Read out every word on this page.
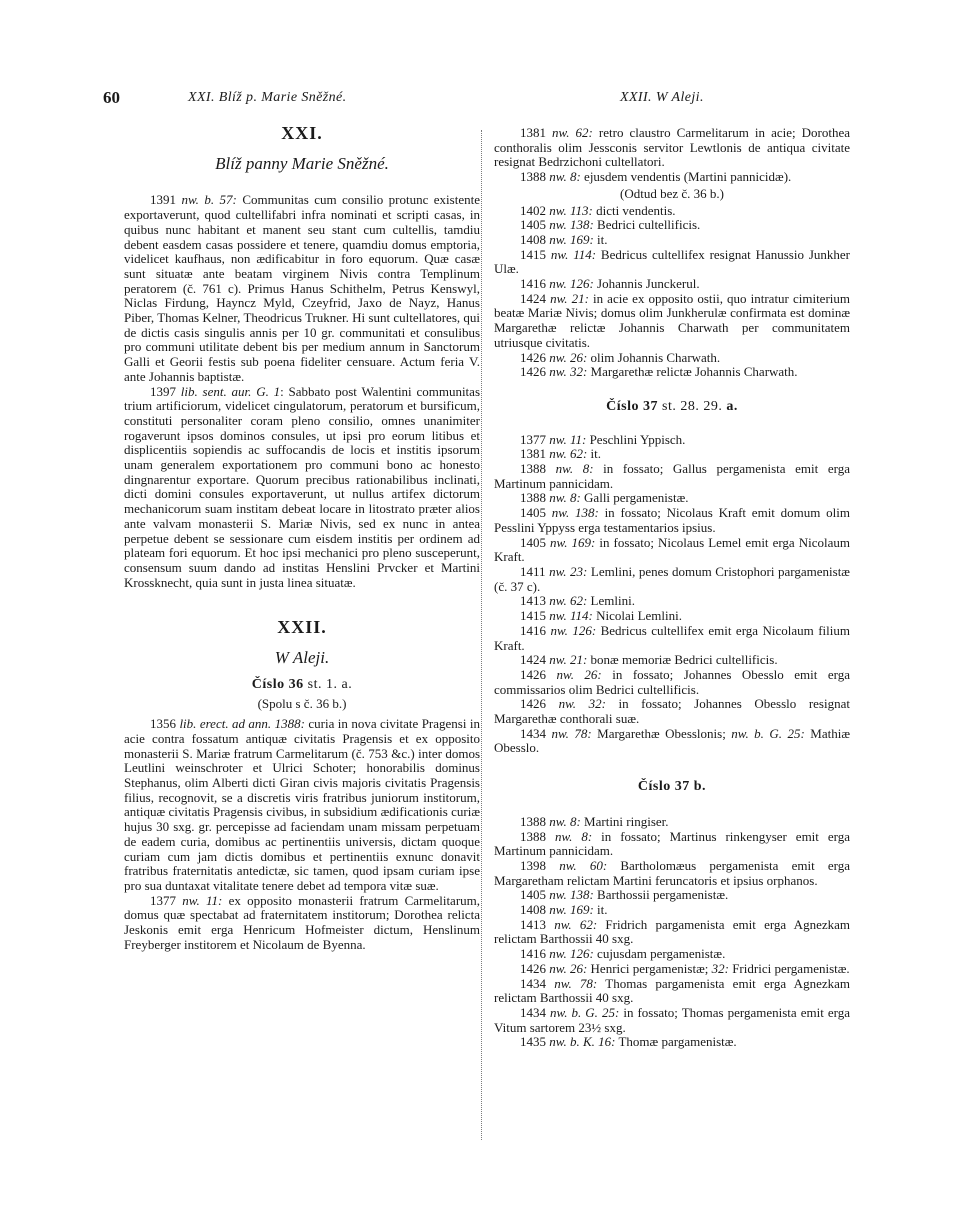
60	XXI. Blíž p. Marie Sněžné.	XXII. W Aleji.
XXI.
Blíž panny Marie Sněžné.

1391 nw. b. 57: Communitas cum consilio protunc existente exportaverunt, quod cultellifabri infra nominati et scripti casas, in quibus nunc habitant et manent seu stant cum cultellis, tamdiu debent easdem casas possidere et tenere, quamdiu domus emptoria, videlicet kaufhaus, non ædificabitur in foro equorum. Quæ casæ sunt situatæ ante beatam virginem Nivis contra Templinum peratorem (č. 761 c). Primus Hanus Schithelm, Petrus Kenswyl, Niclas Firdung, Hayncz Myld, Czeyfrid, Jaxo de Nayz, Hanus Piber, Thomas Kelner, Theodricus Trukner. Hi sunt cultellatores, qui de dictis casis singulis annis per 10 gr. communitati et consulibus pro communi utilitate debent bis per medium annum in Sanctorum Galli et Georii festis sub poena fideliter censuare. Actum feria V. ante Johannis baptistæ.

1397 lib. sent. aur. G. 1: Sabbato post Walentini communitas trium artificiorum, videlicet cingulatorum, peratorum et bursificum, constituti personaliter coram pleno consilio, omnes unanimiter rogaverunt ipsos dominos consules, ut ipsi pro eorum litibus et displicentiis sopiendis ac suffocandis de locis et institis ipsorum unam generalem exportationem pro communi bono ac honesto dingnarentur exportare. Quorum precibus rationabilibus inclinati, dicti domini consules exportaverunt, ut nullus artifex dictorum mechanicorum suam institam debeat locare in litostrato præter alios ante valvam monasterii S. Mariæ Nivis, sed ex nunc in antea perpetue debent se sessionare cum eisdem institis per ordinem ad plateam fori equorum. Et hoc ipsi mechanici pro pleno susceperunt, consensum suum dando ad institas Henslini Prvcker et Martini Krossknecht, quia sunt in justa linea situatæ.

XXII.
W Aleji.
Číslo 36 st. 1. a.
(Spolu s č. 36 b.)

1356 lib. erect. ad ann. 1388: curia in nova civitate Pragensi in acie contra fossatum antiquæ civitatis Pragensis et ex opposito monasterii S. Mariæ fratrum Carmelitarum (č. 753 &c.) inter domos Leutlini weinschroter et Ulrici Schoter; honorabilis dominus Stephanus, olim Alberti dicti Giran civis majoris civitatis Pragensis filius, recognovit, se a discretis viris fratribus juniorum institorum, antiquæ civitatis Pragensis civibus, in subsidium ædificationis curiæ hujus 30 sxg. gr. percepisse ad faciendam unam missam perpetuam de eadem curia, domibus ac pertinentiis universis, dictam quoque curiam cum jam dictis domibus et pertinentiis exnunc donavit fratribus fraternitatis antedictæ, sic tamen, quod ipsam curiam ipse pro sua duntaxat vitalitate tenere debet ad tempora vitæ suæ.

1377 nw. 11: ex opposito monasterii fratrum Carmelitarum, domus quæ spectabat ad fraternitatem institorum; Dorothea relicta Jeskonis emit erga Henricum Hofmeister dictum, Henslinum Freyberger institorem et Nicolaum de Byenna.

1381 nw. 62: retro claustro Carmelitarum in acie; Dorothea conthoralis olim Jessconis servitor Lewtlonis de antiqua civitate resignat Bedrzichoni cultellatori.

1388 nw. 8: ejusdem vendentis (Martini pannicidæ).

(Odtud bez č. 36 b.)

1402 nw. 113: dicti vendentis.

1405 nw. 138: Bedrici cultellificis.

1408 nw. 169: it.

1415 nw. 114: Bedricus cultellifex resignat Hanussio Junkher Ulæ.

1416 nw. 126: Johannis Junckerul.

1424 nw. 21: in acie ex opposito ostii, quo intratur cimiterium beatæ Mariæ Nivis; domus olim Junkherulæ confirmata est dominæ Margarethæ relictæ Johannis Charwath per communitatem utriusque civitatis.

1426 nw. 26: olim Johannis Charwath.

1426 nw. 32: Margarethæ relictæ Johannis Charwath.

Číslo 37 st. 28. 29. a.

1377 nw. 11: Peschlini Yppisch.

1381 nw. 62: it.

1388 nw. 8: in fossato; Gallus pergamenista emit erga Martinum pannicidam.

1388 nw. 8: Galli pergamenistæ.

1405 nw. 138: in fossato; Nicolaus Kraft emit domum olim Pesslini Yppyss erga testamentarios ipsius.

1405 nw. 169: in fossato; Nicolaus Lemel emit erga Nicolaum Kraft.

1411 nw. 23: Lemlini, penes domum Cristophori pargamenistæ (č. 37 c).

1413 nw. 62: Lemlini.

1415 nw. 114: Nicolai Lemlini.

1416 nw. 126: Bedricus cultellifex emit erga Nicolaum filium Kraft.

1424 nw. 21: bonæ memoriæ Bedrici cultellificis.

1426 nw. 26: in fossato; Johannes Obesslo emit erga commissarios olim Bedrici cultellificis.

1426 nw. 32: in fossato; Johannes Obesslo resignat Margarethæ conthorali suæ.

1434 nw. 78: Margarethæ Obesslonis; nw. b. G. 25: Mathiæ Obesslo.

Číslo 37 b.

1388 nw. 8: Martini ringiser.

1388 nw. 8: in fossato; Martinus rinkengyser emit erga Martinum pannicidam.

1398 nw. 60: Bartholomæus pergamenista emit erga Margaretham relictam Martini feruncatoris et ipsius orphanos.

1405 nw. 138: Barthossii pergamenistæ.

1408 nw. 169: it.

1413 nw. 62: Fridrich pargamenista emit erga Agnezkam relictam Barthossii 40 sxg.

1416 nw. 126: cujusdam pergamenistæ.

1426 nw. 26: Henrici pergamenistæ; 32: Fridrici pergamenistæ.

1434 nw. 78: Thomas pargamenista emit erga Agnezkam relictam Barthossii 40 sxg.

1434 nw. b. G. 25: in fossato; Thomas pergamenista emit erga Vitum sartorem 23½ sxg.

1435 nw. b. K. 16: Thomæ pargamenistæ.
